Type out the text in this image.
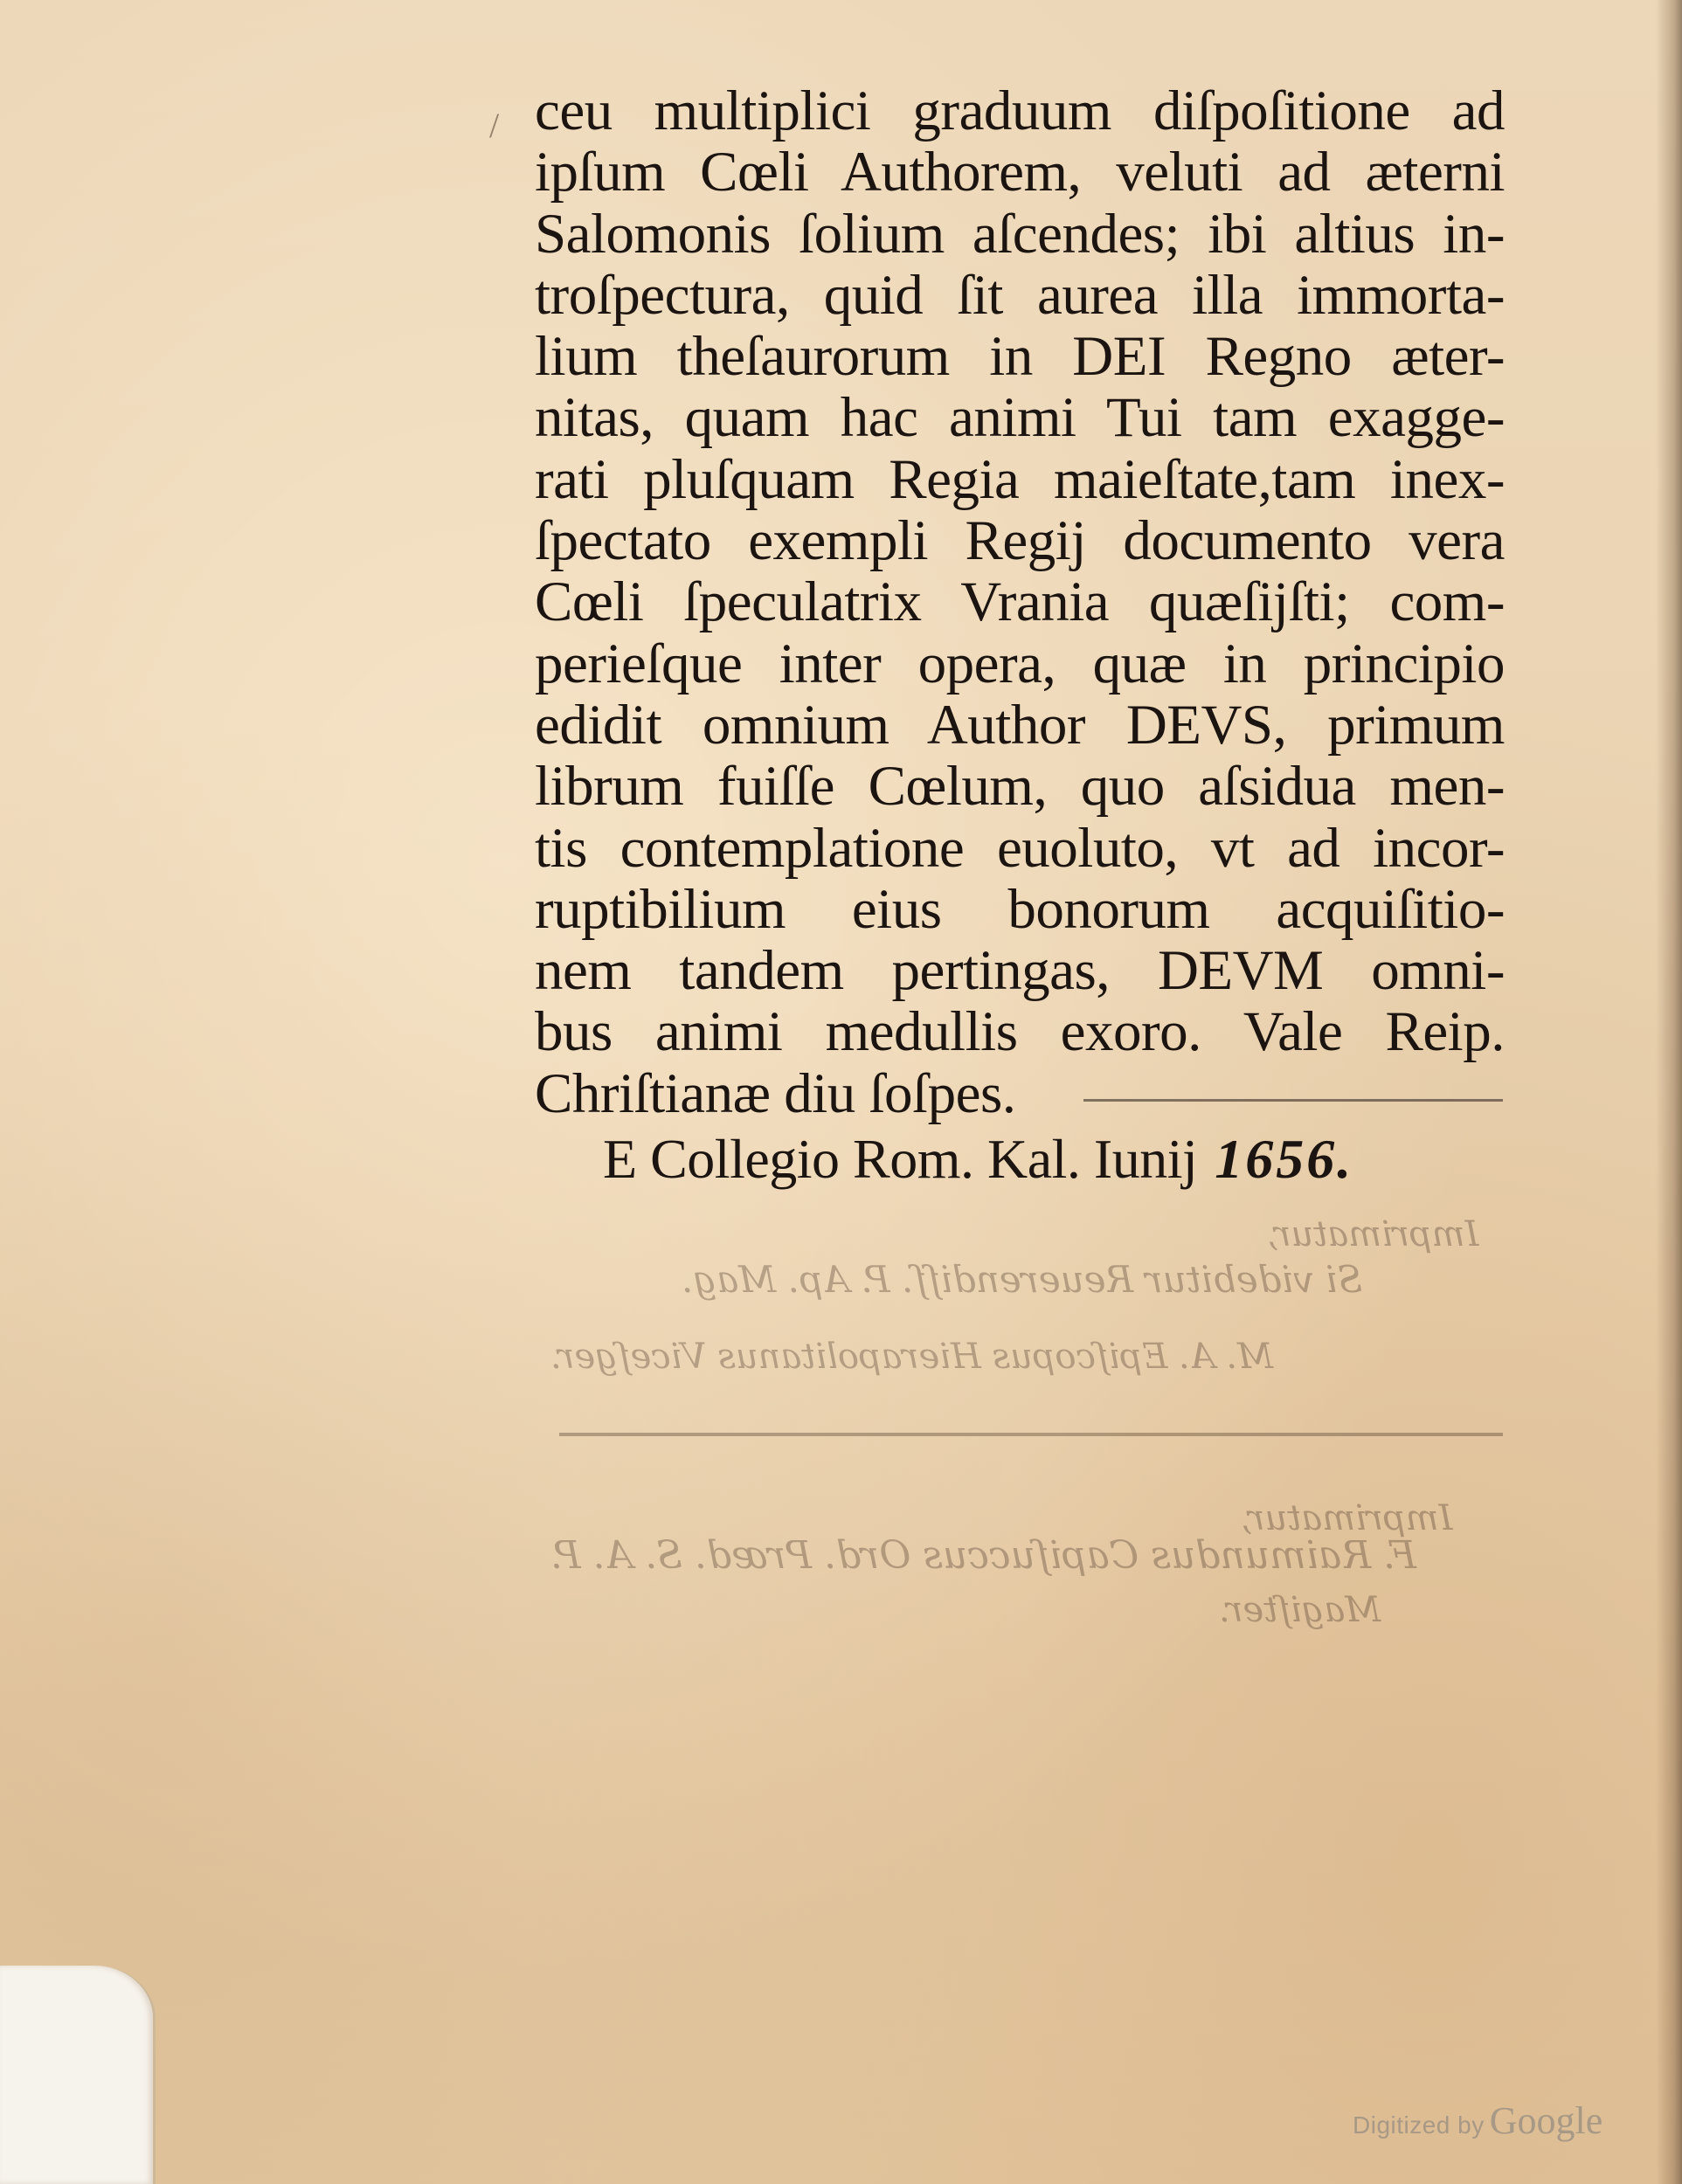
Imprimatur,
Si videbitur Reuerendiſſ. P. Ap. Mag.
M. A. Epiſcopus Hierapolitanus Viceſger.
Imprimatur,
F. Raimundus Capiſuccus Ord. Præd. S. A. P.
Magiſter.
/ ceu multiplici graduum diſpoſitione ad
ipſum Cœli Authorem, veluti ad æterni
Salomonis ſolium aſcendes; ibi altius in-
troſpectura, quid ſit aurea illa immorta-
lium theſaurorum in DEI Regno æter-
nitas, quam hac animi Tui tam exagge-
rati pluſquam Regia maieſtate,tam inex-
ſpectato exempli Regij documento vera
Cœli ſpeculatrix Vrania quæſijſti; com-
perieſque inter opera, quæ in principio
edidit omnium Author DEVS, primum
librum fuiſſe Cœlum, quo aſsidua men-
tis contemplatione euoluto, vt ad incor-
ruptibilium eius bonorum acquiſitio-
nem tandem pertingas, DEVM omni-
bus animi medullis exoro. Vale Reip.
Chriſtianæ diu ſoſpes.
E Collegio Rom. Kal. Iunij 1656.
Digitized by Google
